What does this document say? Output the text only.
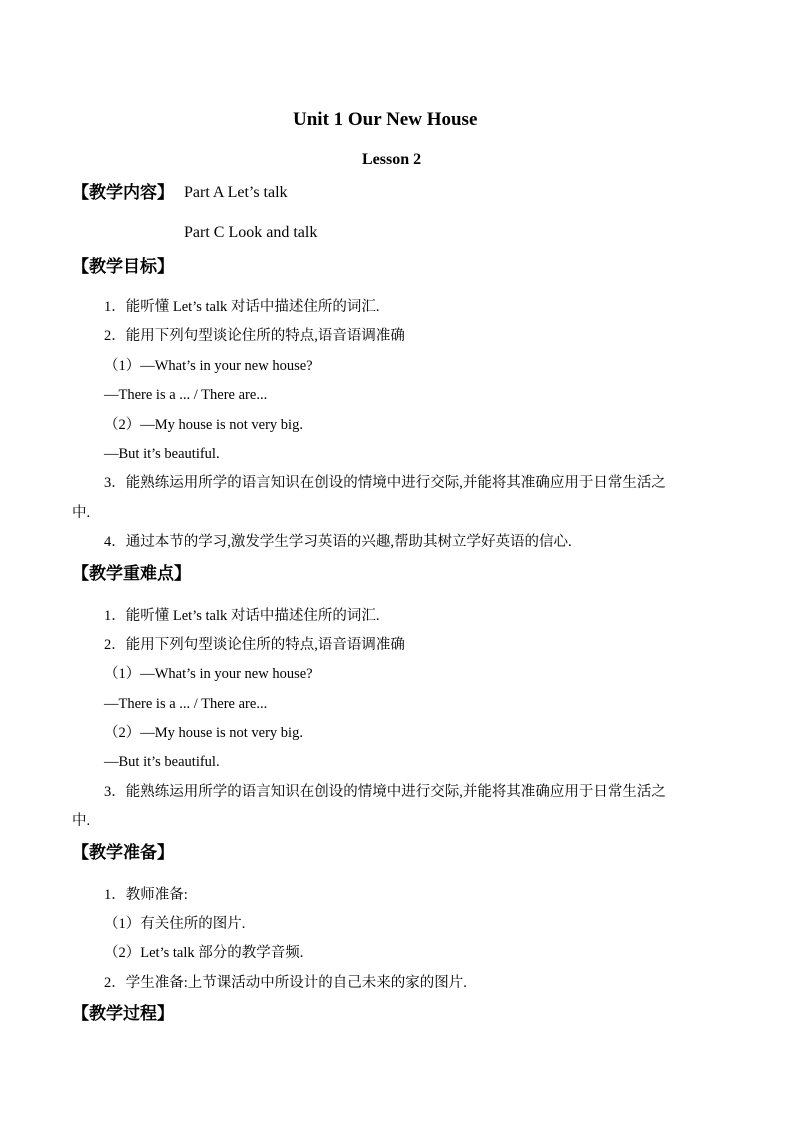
Unit 1 Our New House
Lesson 2
【教学内容】 Part A Let’s talk
Part C Look and talk
【教学目标】
1．能听懂 Let’s talk 对话中描述住所的词汇.
2．能用下列句型谈论住所的特点,语音语调准确
（1）—What’s in your new house?
—There is a ... / There are...
（2）—My house is not very big.
—But it’s beautiful.
3．能熟练运用所学的语言知识在创设的情境中进行交际,并能将其准确应用于日常生活之
中.
4．通过本节的学习,激发学生学习英语的兴趣,帮助其树立学好英语的信心.
【教学重难点】
1．能听懂 Let’s talk 对话中描述住所的词汇.
2．能用下列句型谈论住所的特点,语音语调准确
（1）—What’s in your new house?
—There is a ... / There are...
（2）—My house is not very big.
—But it’s beautiful.
3．能熟练运用所学的语言知识在创设的情境中进行交际,并能将其准确应用于日常生活之
中.
【教学准备】
1．教师准备:
（1）有关住所的图片.
（2）Let’s talk 部分的教学音频.
2．学生准备:上节课活动中所设计的自己未来的家的图片.
【教学过程】
